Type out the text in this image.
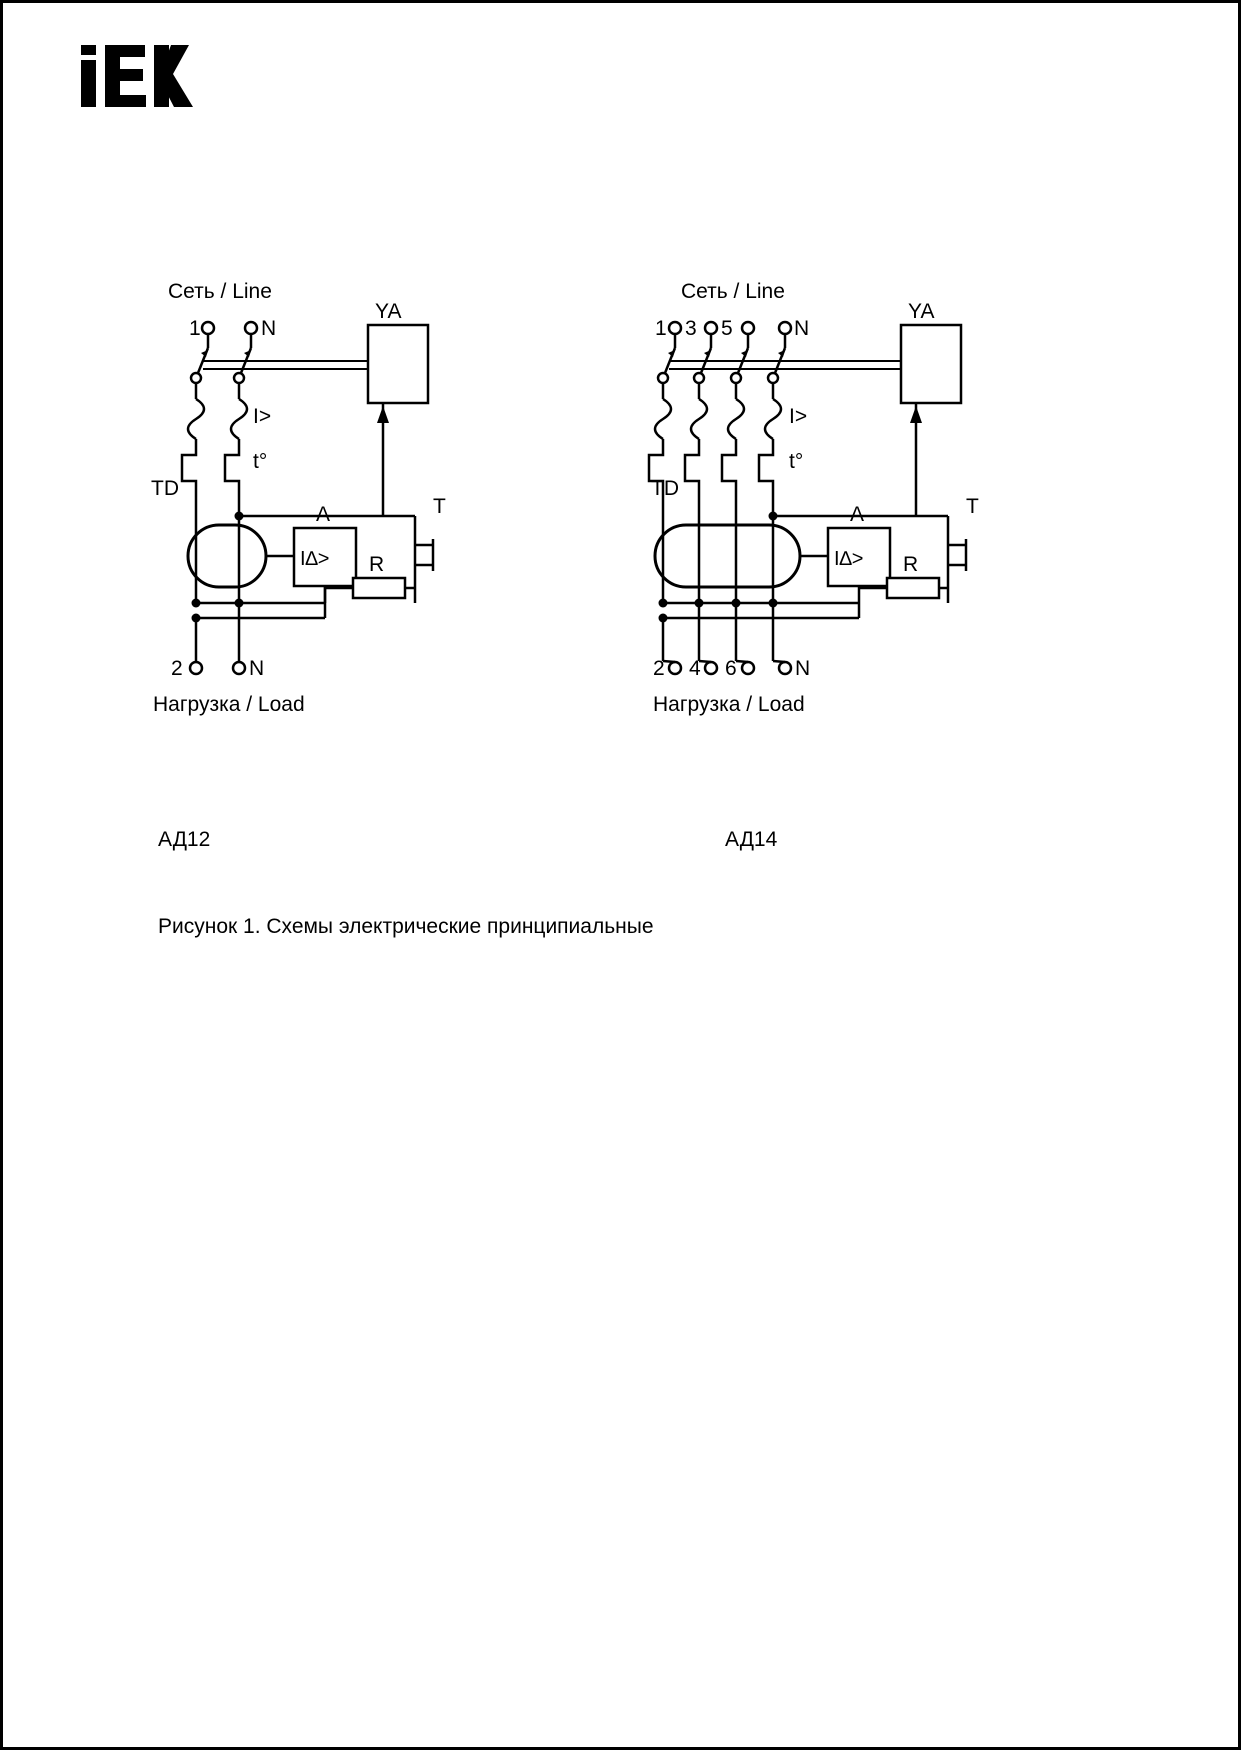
Сеть / Line
1	N
YA
I>
t°
TD
A
I∆>
T
R
2	N
Нагрузка / Load
Сеть / Line
1 3 5	N
YA
I>
t°
TD
A
I∆>
T
R
2 4 6	N
Нагрузка / Load
АД12	АД14
Рисунок 1. Схемы электрические принципиальные
